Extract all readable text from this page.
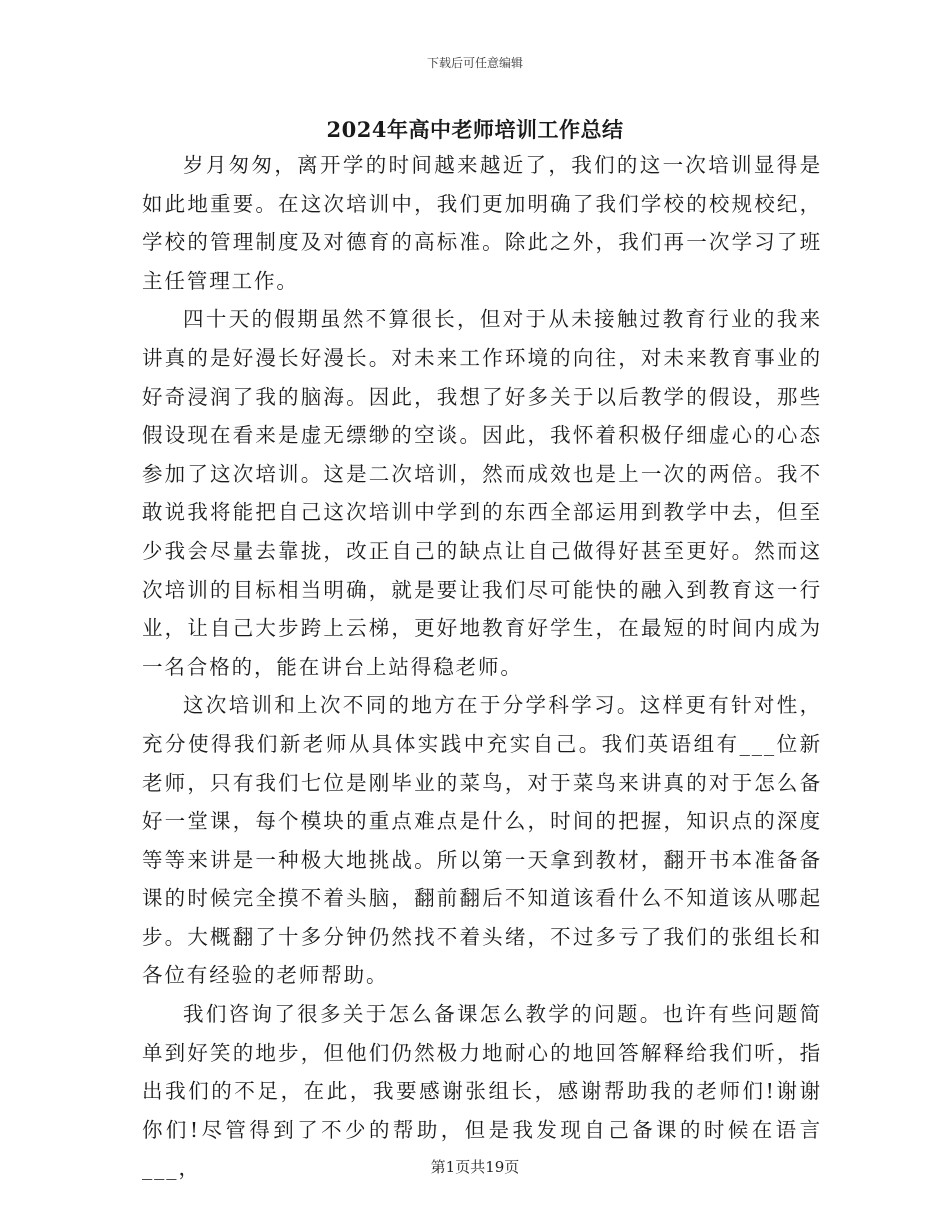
下载后可任意编辑
2024年高中老师培训工作总结

岁月匆匆，离开学的时间越来越近了，我们的这一次培训显得是如此地重要。在这次培训中，我们更加明确了我们学校的校规校纪，学校的管理制度及对德育的高标准。除此之外，我们再一次学习了班主任管理工作。

四十天的假期虽然不算很长，但对于从未接触过教育行业的我来讲真的是好漫长好漫长。对未来工作环境的向往，对未来教育事业的好奇浸润了我的脑海。因此，我想了好多关于以后教学的假设，那些假设现在看来是虚无缥缈的空谈。因此，我怀着积极仔细虚心的心态参加了这次培训。这是二次培训，然而成效也是上一次的两倍。我不敢说我将能把自己这次培训中学到的东西全部运用到教学中去，但至少我会尽量去靠拢，改正自己的缺点让自己做得好甚至更好。然而这次培训的目标相当明确，就是要让我们尽可能快的融入到教育这一行业，让自己大步跨上云梯，更好地教育好学生，在最短的时间内成为一名合格的，能在讲台上站得稳老师。

这次培训和上次不同的地方在于分学科学习。这样更有针对性，充分使得我们新老师从具体实践中充实自己。我们英语组有___位新老师，只有我们七位是刚毕业的菜鸟，对于菜鸟来讲真的对于怎么备好一堂课，每个模块的重点难点是什么，时间的把握，知识点的深度等等来讲是一种极大地挑战。所以第一天拿到教材，翻开书本准备备课的时候完全摸不着头脑，翻前翻后不知道该看什么不知道该从哪起步。大概翻了十多分钟仍然找不着头绪，不过多亏了我们的张组长和各位有经验的老师帮助。

我们咨询了很多关于怎么备课怎么教学的问题。也许有些问题简单到好笑的地步，但他们仍然极力地耐心的地回答解释给我们听，指出我们的不足，在此，我要感谢张组长，感谢帮助我的老师们!谢谢你们!尽管得到了不少的帮助，但是我发现自己备课的时候在语言___，	第1页共19页
